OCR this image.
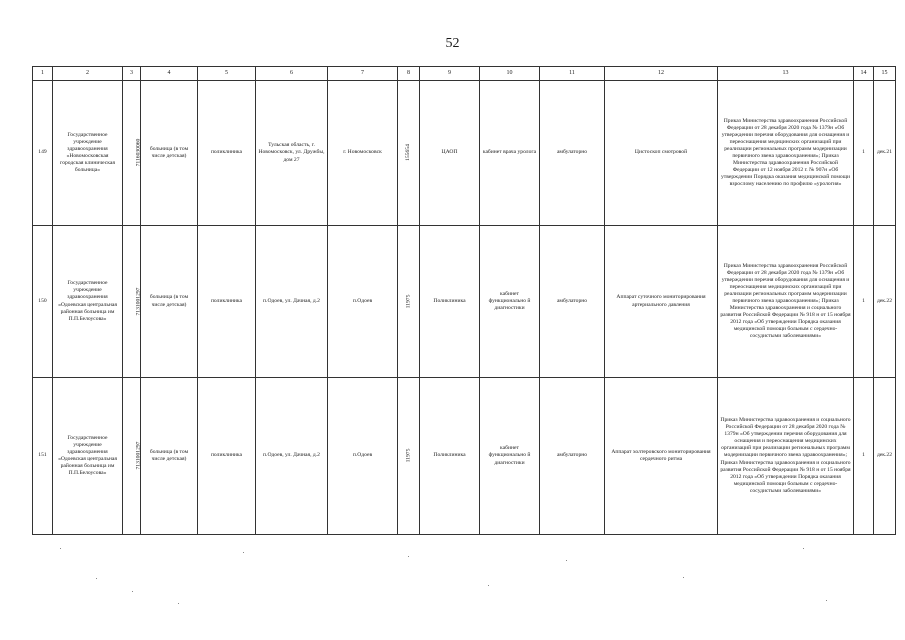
52
1	2	3	4	5	6	7	8	9	10	11	12	13	14	15
149	Государственное учреждение здравоохранения «Новомосковская городская клиническая больница»	7116030060	больница (в том числе детская)	поликлиника	Тульская область, г. Новомосковск, ул. Дружбы, дом 27	г. Новомосковск	155654	ЦАОП	кабинет врача уролога	амбулаторно	Цистоскоп смотровой	Приказ Министерства здравоохранения Российской Федерации от 28 декабря 2020 года № 1379н «Об утверждении перечня оборудования для оснащения и переоснащения медицинских организаций при реализации региональных программ модернизации первичного звена здравоохранения»; Приказ Министерства здравоохранения Российской Федерации от 12 ноября 2012 г. № 907н «Об утверждении Порядка оказания медицинской помощи взрослому населению по профилю «урология»	1	дек.21
150	Государственное учреждение здравоохранения «Одоевская центральная районная больница им П.П.Белоусова»	7131001297	больница (в том числе детская)	поликлиника	п.Одоев, ул. Дачная, д.2	п.Одоев	11975	Поликлиника	кабинет функционально й диагностики	амбулаторно	Аппарат суточного мониторирования артериального давления	Приказ Министерства здравоохранения Российской Федерации от 28 декабря 2020 года № 1379н «Об утверждении перечня оборудования для оснащения и переоснащения медицинских организаций при реализации региональных программ модернизации первичного звена здравоохранения»; Приказ Министерства здравоохранения и социального развития Российской Федерации № 918 н от 15 ноября 2012 года «Об утверждении Порядка оказания медицинской помощи больным с сердечно-сосудистыми заболеваниями»	1	дек.22
151	Государственное учреждение здравоохранения «Одоевская центральная районная больница им П.П.Белоусова»	7131001297	больница (в том числе детская)	поликлиника	п.Одоев, ул. Дачная, д.2	п.Одоев	11975	Поликлиника	кабинет функционально й диагностики	амбулаторно	Аппарат холтеровского мониторирования сердечного ритма	Приказ Министерства здравоохранения и социального Российской Федерации от 28 декабря 2020 года № 1379н «Об утверждении перечня оборудования для оснащения и переоснащения медицинских организаций при реализации региональных программ модернизации первичного звена здравоохранения»; Приказ Министерства здравоохранения и социального развития Российской Федерации № 918 н от 15 ноября 2012 года «Об утверждении Порядка оказания медицинской помощи больным с сердечно-сосудистыми заболеваниями»	1	дек.22
